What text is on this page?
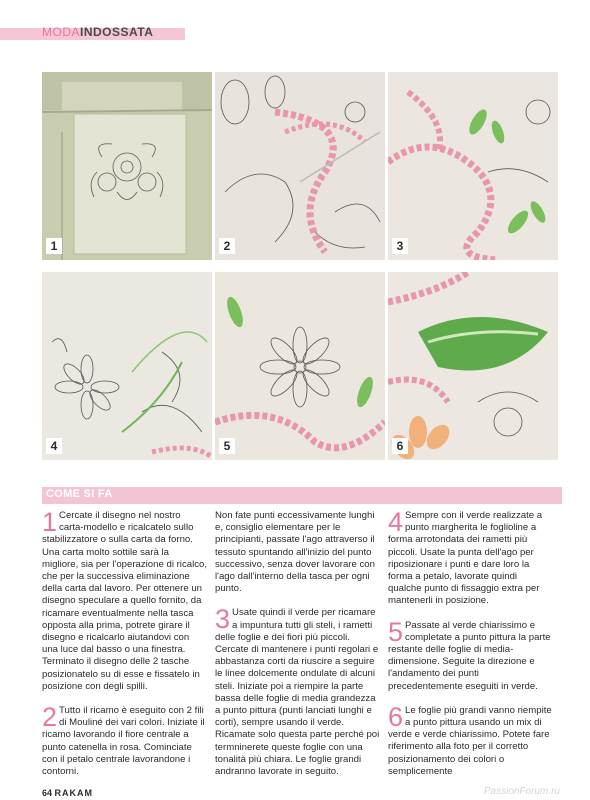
MODAINDOSSATA
1	2	3
4	5	6
COME SI FA

1 Cercate il disegno nel nostro carta-modello e ricalcatelo sullo stabilizzatore o sulla carta da forno. Una carta molto sottile sarà la migliore, sia per l'operazione di ricalco, che per la successiva eliminazione della carta dal lavoro. Per ottenere un disegno speculare a quello fornito, da ricamare eventualmente nella tasca opposta alla prima, potrete girare il disegno e ricalcarlo aiutandovi con una luce dal basso o una finestra. Terminato il disegno delle 2 tasche posizionatelo su di esse e fissatelo in posizione con degli spilli.

2 Tutto il ricamo è eseguito con 2 fili di Mouliné dei vari colori. Iniziate il ricamo lavorando il fiore centrale a punto catenella in rosa. Cominciate con il petalo centrale lavorandone i contorni.

Non fate punti eccessivamente lunghi e, consiglio elementare per le principianti, passate l'ago attraverso il tessuto spuntando all'inizio del punto successivo, senza dover lavorare con l'ago dall'interno della tasca per ogni punto.

3 Usate quindi il verde per ricamare a impuntura tutti gli steli, i rametti delle foglie e dei fiori più piccoli. Cercate di mantenere i punti regolari e abbastanza corti da riuscire a seguire le linee dolcemente ondulate di alcuni steli. Iniziate poi a riempire la parte bassa delle foglie di media grandezza a punto pittura (punti lanciati lunghi e corti), sempre usando il verde. Ricamate solo questa parte perché poi termninerete queste foglie con una tonalità più chiara. Le foglie grandi andranno lavorate in seguito.

4 Sempre con il verde realizzate a punto margherita le foglioline a forma arrotondata dei rametti più piccoli. Usate la punta dell'ago per riposizionare i punti e dare loro la forma a petalo, lavorate quindi qualche punto di fissaggio extra per mantenerli in posizione.

5 Passate al verde chiarissimo e completate a punto pittura la parte restante delle foglie di media-dimensione. Seguite la direzione e l'andamento dei punti precedentemente eseguiti in verde.

6 Le foglie più grandi vanno riempite a punto pittura usando un mix di verde e verde chiarissimo. Potete fare riferimento alla foto per il corretto posizionamento dei colori o semplicemente

64 RAKAM	PassionForum.ru
